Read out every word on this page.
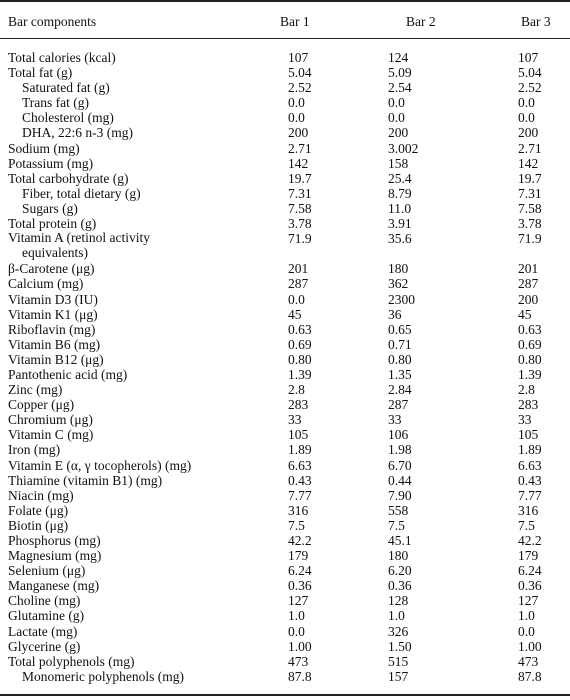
Bar components	Bar 1	Bar 2	Bar 3
Total calories (kcal)	107	124	107
Total fat (g)	5.04	5.09	5.04
Saturated fat (g)	2.52	2.54	2.52
Trans fat (g)	0.0	0.0	0.0
Cholesterol (mg)	0.0	0.0	0.0
DHA, 22:6 n-3 (mg)	200	200	200
Sodium (mg)	2.71	3.002	2.71
Potassium (mg)	142	158	142
Total carbohydrate (g)	19.7	25.4	19.7
Fiber, total dietary (g)	7.31	8.79	7.31
Sugars (g)	7.58	11.0	7.58
Total protein (g)	3.78	3.91	3.78
Vitamin A (retinol activity
equivalents)
71.9	35.6	71.9
β-Carotene (μg)	201	180	201
Calcium (mg)	287	362	287
Vitamin D3 (IU)	0.0	2300	200
Vitamin K1 (μg)	45	36	45
Riboflavin (mg)	0.63	0.65	0.63
Vitamin B6 (mg)	0.69	0.71	0.69
Vitamin B12 (μg)	0.80	0.80	0.80
Pantothenic acid (mg)	1.39	1.35	1.39
Zinc (mg)	2.8	2.84	2.8
Copper (μg)	283	287	283
Chromium (μg)	33	33	33
Vitamin C (mg)	105	106	105
Iron (mg)	1.89	1.98	1.89
Vitamin E (α, γ tocopherols) (mg)	6.63	6.70	6.63
Thiamine (vitamin B1) (mg)	0.43	0.44	0.43
Niacin (mg)	7.77	7.90	7.77
Folate (μg)	316	558	316
Biotin (μg)	7.5	7.5	7.5
Phosphorus (mg)	42.2	45.1	42.2
Magnesium (mg)	179	180	179
Selenium (μg)	6.24	6.20	6.24
Manganese (mg)	0.36	0.36	0.36
Choline (mg)	127	128	127
Glutamine (g)	1.0	1.0	1.0
Lactate (mg)	0.0	326	0.0
Glycerine (g)	1.00	1.50	1.00
Total polyphenols (mg)	473	515	473
Monomeric polyphenols (mg)	87.8	157	87.8
